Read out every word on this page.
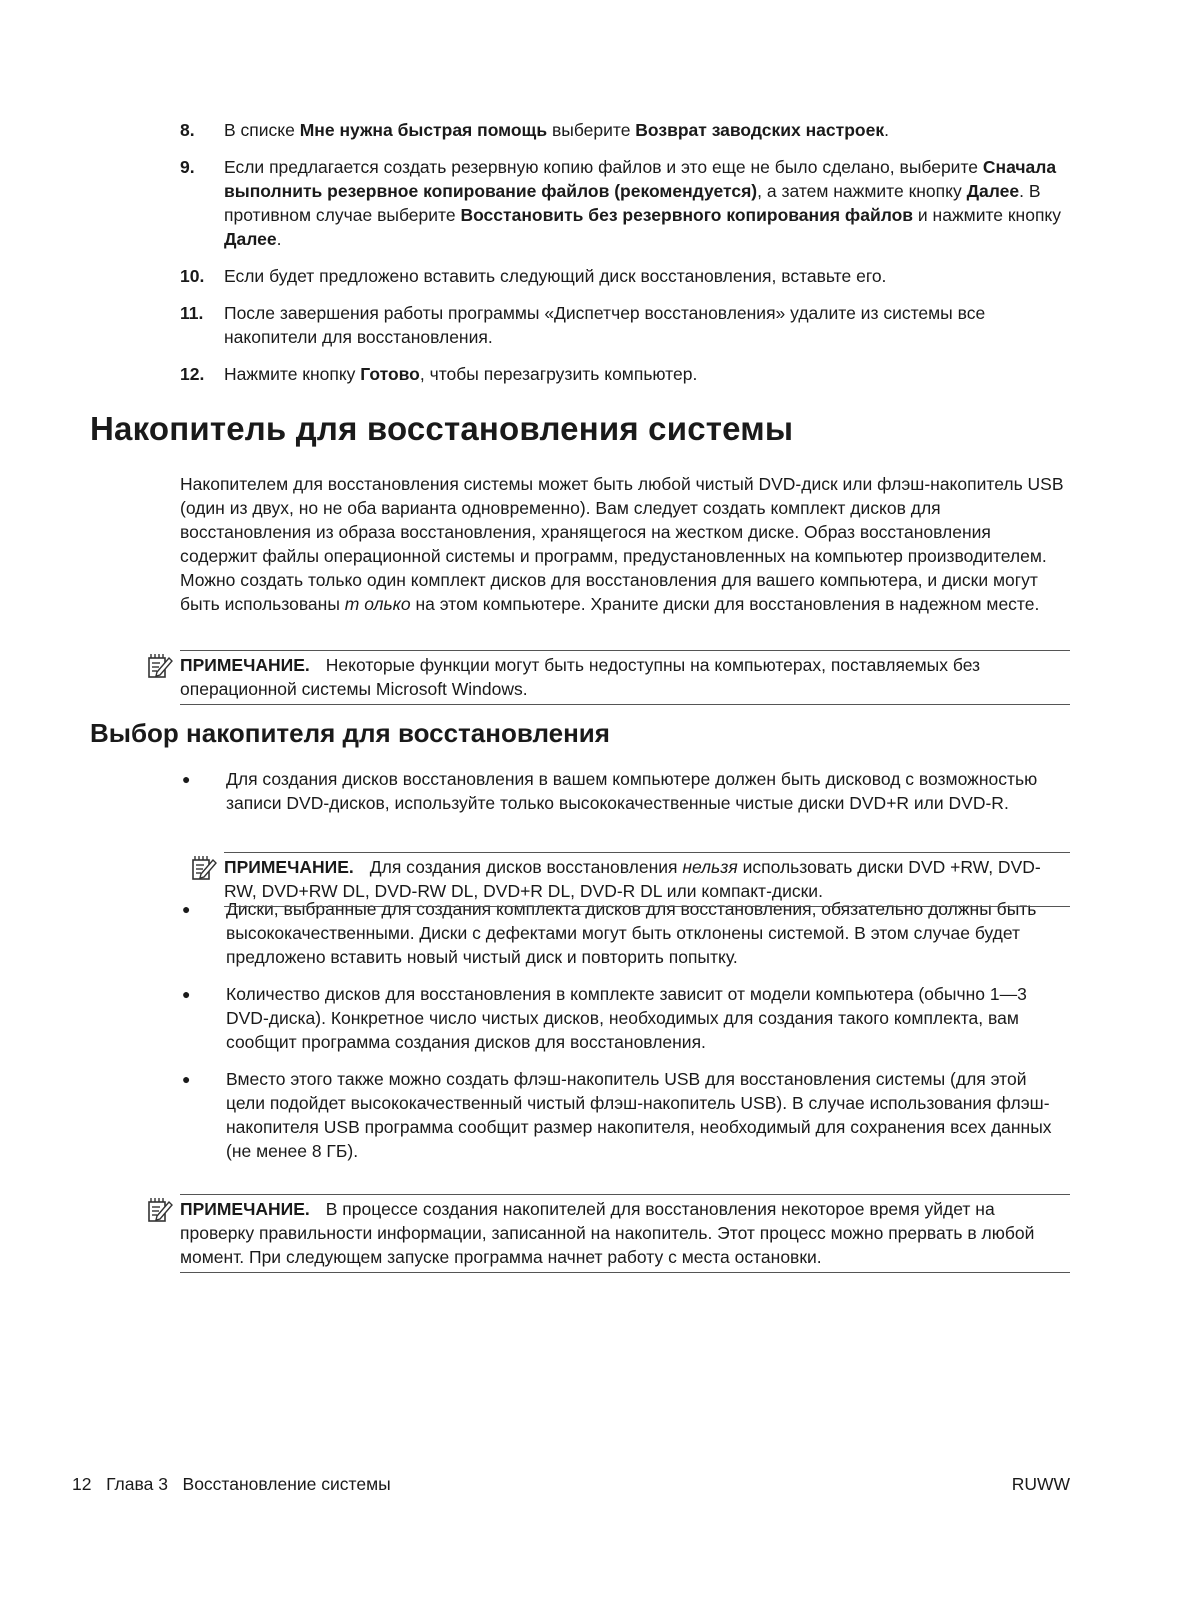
8.	В списке Мне нужна быстрая помощь выберите Возврат заводских настроек.
9.	Если предлагается создать резервную копию файлов и это еще не было сделано, выберите Сначала выполнить резервное копирование файлов (рекомендуется), а затем нажмите кнопку Далее. В противном случае выберите Восстановить без резервного копирования файлов и нажмите кнопку Далее.
10.	Если будет предложено вставить следующий диск восстановления, вставьте его.
11.	После завершения работы программы «Диспетчер восстановления» удалите из системы все накопители для восстановления.
12.	Нажмите кнопку Готово, чтобы перезагрузить компьютер.
Накопитель для восстановления системы

Накопителем для восстановления системы может быть любой чистый DVD-диск или флэш-накопитель USB (один из двух, но не оба варианта одновременно). Вам следует создать комплект дисков для восстановления из образа восстановления, хранящегося на жестком диске. Образ восстановления содержит файлы операционной системы и программ, предустановленных на компьютер производителем. Можно создать только один комплект дисков для восстановления для вашего компьютера, и диски могут быть использованы т олько на этом компьютере. Храните диски для восстановления в надежном месте.

ПРИМЕЧАНИЕ. Некоторые функции могут быть недоступны на компьютерах, поставляемых без операционной системы Microsoft Windows.
Выбор накопителя для восстановления
●	Для создания дисков восстановления в вашем компьютере должен быть дисковод с возможностью записи DVD-дисков, используйте только высококачественные чистые диски DVD+R или DVD-R.
●	Диски, выбранные для создания комплекта дисков для восстановления, обязательно должны быть высококачественными. Диски с дефектами могут быть отклонены системой. В этом случае будет предложено вставить новый чистый диск и повторить попытку.
●	Количество дисков для восстановления в комплекте зависит от модели компьютера (обычно 1—3 DVD-диска). Конкретное число чистых дисков, необходимых для создания такого комплекта, вам сообщит программа создания дисков для восстановления.
●	Вместо этого также можно создать флэш-накопитель USB для восстановления системы (для этой цели подойдет высококачественный чистый флэш-накопитель USB). В случае использования флэш-накопителя USB программа сообщит размер накопителя, необходимый для сохранения всех данных (не менее 8 ГБ).
ПРИМЕЧАНИЕ. Для создания дисков восстановления нельзя использовать диски DVD +RW, DVD-RW, DVD+RW DL, DVD-RW DL, DVD+R DL, DVD-R DL или компакт-диски.
ПРИМЕЧАНИЕ. В процессе создания накопителей для восстановления некоторое время уйдет на проверку правильности информации, записанной на накопитель. Этот процесс можно прервать в любой момент. При следующем запуске программа начнет работу с места остановки.
12 Глава 3 Восстановление системы	RUWW
